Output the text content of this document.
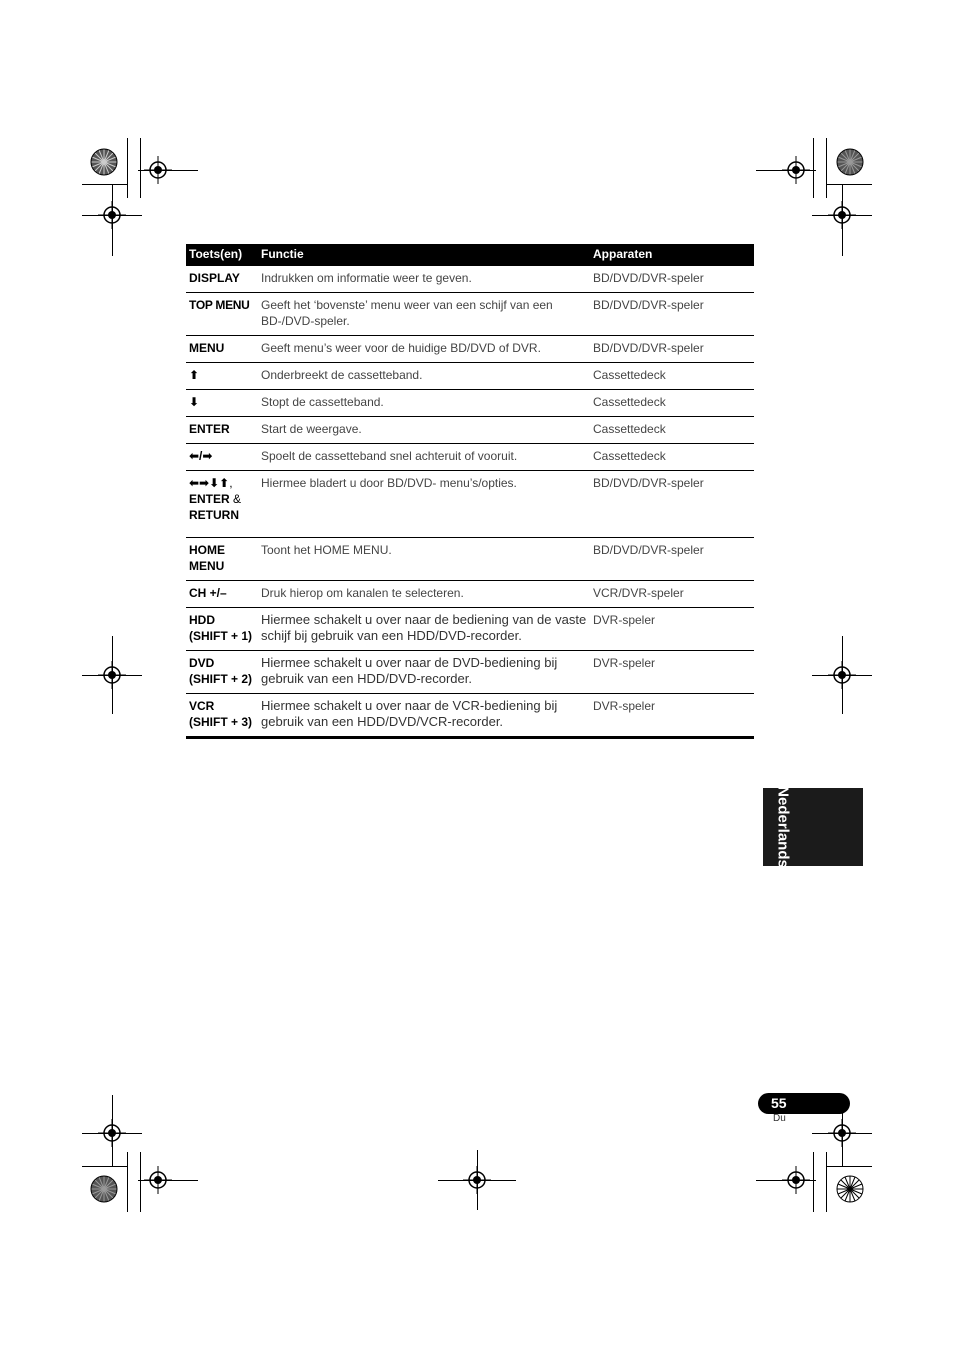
Toets(en)	Functie	Apparaten
DISPLAY	Indrukken om informatie weer te geven.	BD/DVD/DVR-speler
TOP MENU	Geeft het ‘bovenste’ menu weer van een schijf van een BD-/DVD-speler.	BD/DVD/DVR-speler
MENU	Geeft menu’s weer voor de huidige BD/DVD of DVR.	BD/DVD/DVR-speler
⬆	Onderbreekt de cassetteband.	Cassettedeck
⬇	Stopt de cassetteband.	Cassettedeck
ENTER	Start de weergave.	Cassettedeck
⬅/➡	Spoelt de cassetteband snel achteruit of vooruit.	Cassettedeck
⬅➡⬇⬆,
ENTER &
RETURN	Hiermee bladert u door BD/DVD- menu’s/opties.	BD/DVD/DVR-speler
HOME
MENU	Toont het HOME MENU.	BD/DVD/DVR-speler
CH +/–	Druk hierop om kanalen te selecteren.	VCR/DVR-speler
HDD
(SHIFT + 1)	Hiermee schakelt u over naar de bediening van de vaste schijf bij gebruik van een HDD/DVD-recorder.	DVR-speler
DVD
(SHIFT + 2)	Hiermee schakelt u over naar de DVD-bediening bij gebruik van een HDD/DVD-recorder.	DVR-speler
VCR
(SHIFT + 3)	Hiermee schakelt u over naar de VCR-bediening bij gebruik van een HDD/DVD/VCR-recorder.	DVR-speler
Nederlands
55
Du
